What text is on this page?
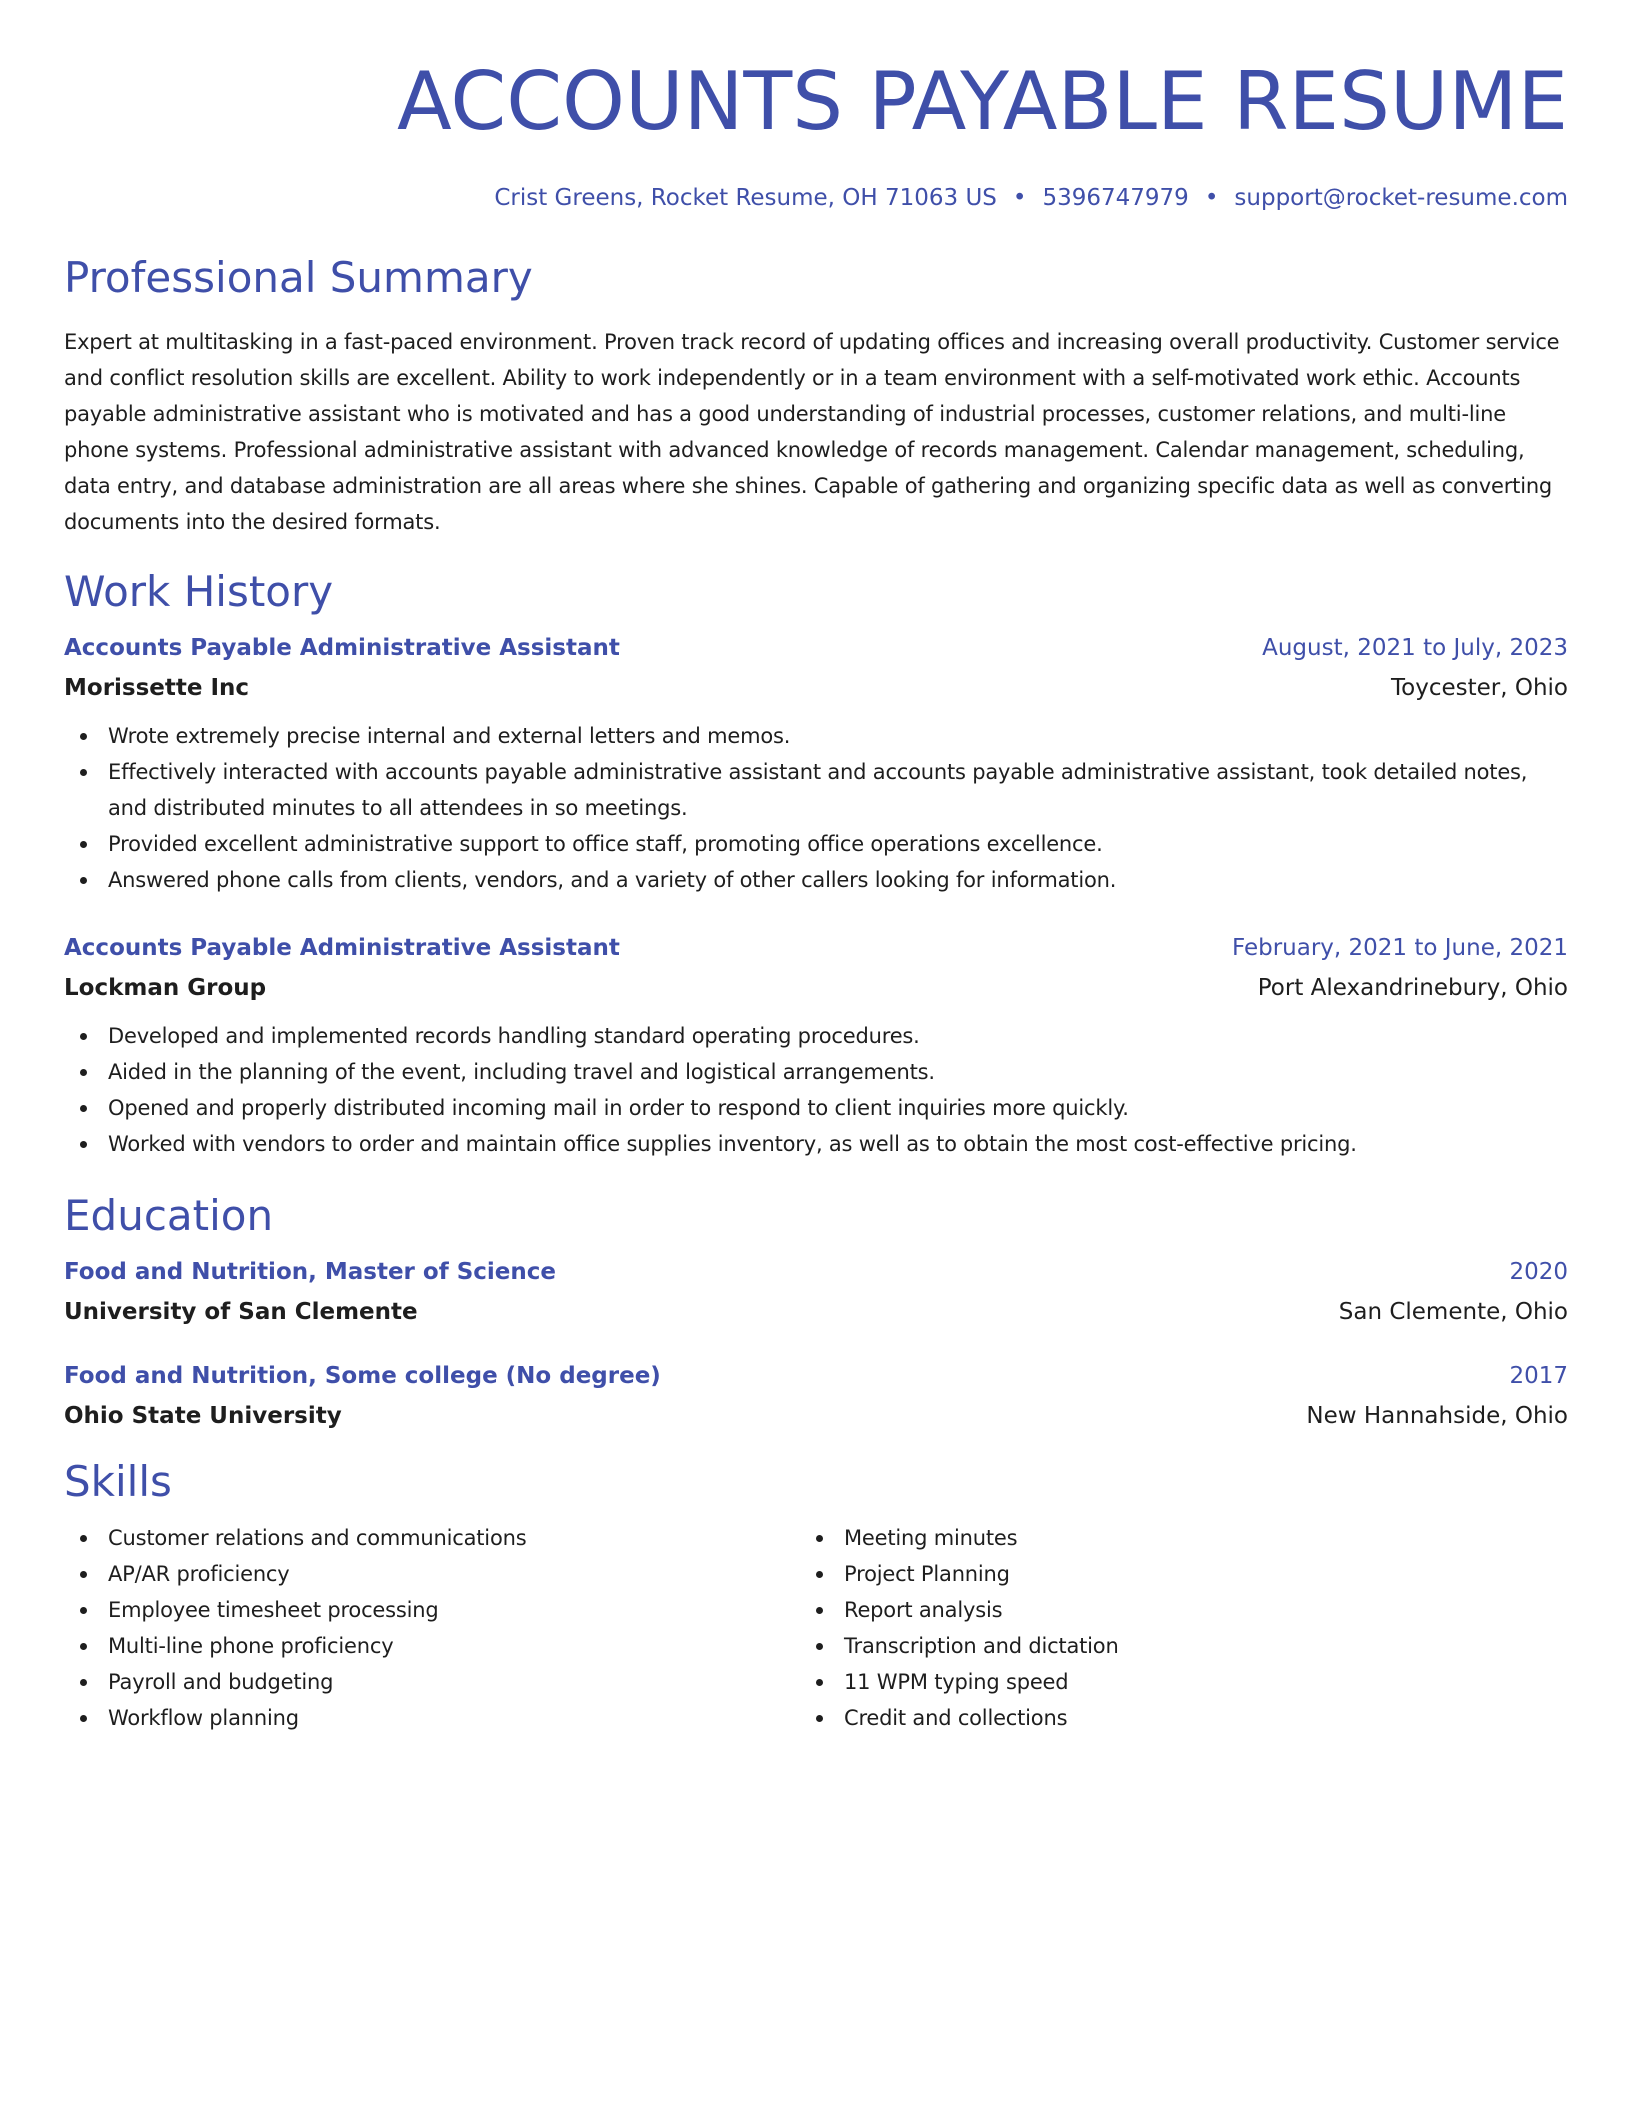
ACCOUNTS PAYABLE RESUME
Crist Greens, Rocket Resume, OH 71063 US • 5396747979 • support@rocket-resume.com
Professional Summary

Expert at multitasking in a fast-paced environment. Proven track record of updating offices and increasing overall productivity. Customer service and conflict resolution skills are excellent. Ability to work independently or in a team environment with a self-motivated work ethic. Accounts payable administrative assistant who is motivated and has a good understanding of industrial processes, customer relations, and multi-line phone systems. Professional administrative assistant with advanced knowledge of records management. Calendar management, scheduling, data entry, and database administration are all areas where she shines. Capable of gathering and organizing specific data as well as converting documents into the desired formats.

Work History
Accounts Payable Administrative Assistant	August, 2021 to July, 2023
Morissette Inc	Toycester, Ohio
Wrote extremely precise internal and external letters and memos.
Effectively interacted with accounts payable administrative assistant and accounts payable administrative assistant, took detailed notes, and distributed minutes to all attendees in so meetings.
Provided excellent administrative support to office staff, promoting office operations excellence.
Answered phone calls from clients, vendors, and a variety of other callers looking for information.
Accounts Payable Administrative Assistant	February, 2021 to June, 2021
Lockman Group	Port Alexandrinebury, Ohio
Developed and implemented records handling standard operating procedures.
Aided in the planning of the event, including travel and logistical arrangements.
Opened and properly distributed incoming mail in order to respond to client inquiries more quickly.
Worked with vendors to order and maintain office supplies inventory, as well as to obtain the most cost-effective pricing.
Education
Food and Nutrition, Master of Science	2020
University of San Clemente	San Clemente, Ohio
Food and Nutrition, Some college (No degree)	2017
Ohio State University	New Hannahside, Ohio
Skills
Customer relations and communications
AP/AR proficiency
Employee timesheet processing
Multi-line phone proficiency
Payroll and budgeting
Workflow planning
Meeting minutes
Project Planning
Report analysis
Transcription and dictation
11 WPM typing speed
Credit and collections
